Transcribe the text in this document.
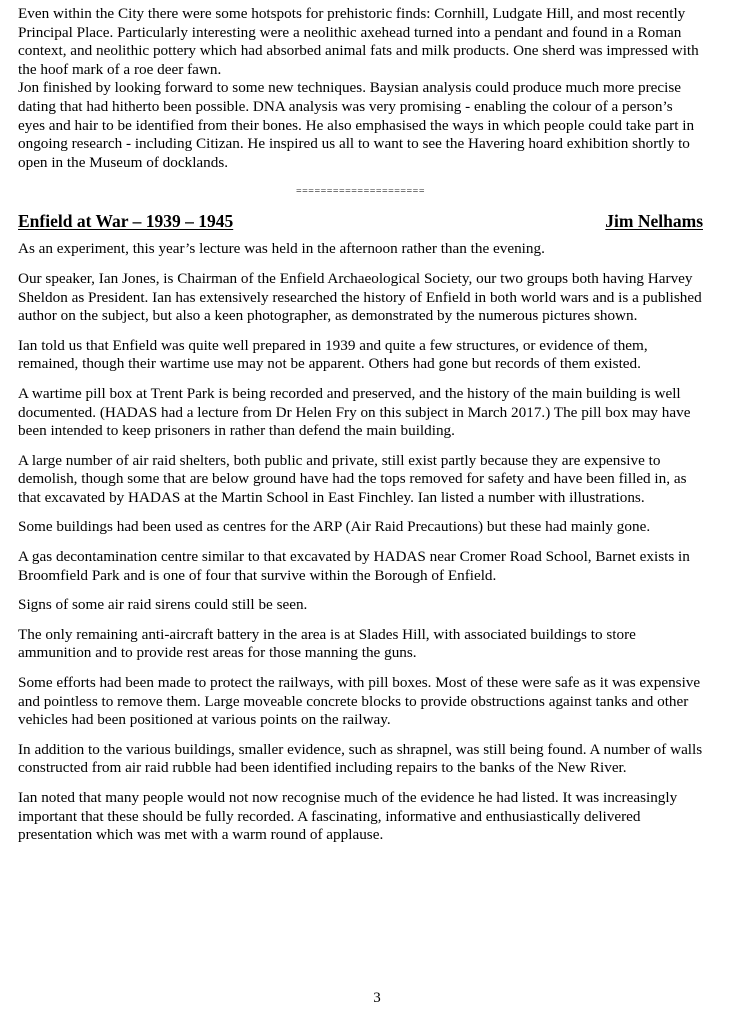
Even within the City there were some hotspots for prehistoric finds: Cornhill, Ludgate Hill, and most recently Principal Place. Particularly interesting were a neolithic axehead turned into a pendant and found in a Roman context, and neolithic pottery which had absorbed animal fats and milk products. One sherd was impressed with the hoof mark of a roe deer fawn.

Jon finished by looking forward to some new techniques. Baysian analysis could produce much more precise dating that had hitherto been possible. DNA analysis was very promising - enabling the colour of a person’s eyes and hair to be identified from their bones. He also emphasised the ways in which people could take part in ongoing research - including Citizan. He inspired us all to want to see the Havering hoard exhibition shortly to open in the Museum of docklands.

=====================
Enfield at War – 1939 – 1945	Jim Nelhams

As an experiment, this year’s lecture was held in the afternoon rather than the evening.

Our speaker, Ian Jones, is Chairman of the Enfield Archaeological Society, our two groups both having Harvey Sheldon as President. Ian has extensively researched the history of Enfield in both world wars and is a published author on the subject, but also a keen photographer, as demonstrated by the numerous pictures shown.

Ian told us that Enfield was quite well prepared in 1939 and quite a few structures, or evidence of them, remained, though their wartime use may not be apparent. Others had gone but records of them existed.

A wartime pill box at Trent Park is being recorded and preserved, and the history of the main building is well documented. (HADAS had a lecture from Dr Helen Fry on this subject in March 2017.) The pill box may have been intended to keep prisoners in rather than defend the main building.

A large number of air raid shelters, both public and private, still exist partly because they are expensive to demolish, though some that are below ground have had the tops removed for safety and have been filled in, as that excavated by HADAS at the Martin School in East Finchley. Ian listed a number with illustrations.

Some buildings had been used as centres for the ARP (Air Raid Precautions) but these had mainly gone.

A gas decontamination centre similar to that excavated by HADAS near Cromer Road School, Barnet exists in Broomfield Park and is one of four that survive within the Borough of Enfield.

Signs of some air raid sirens could still be seen.

The only remaining anti-aircraft battery in the area is at Slades Hill, with associated buildings to store ammunition and to provide rest areas for those manning the guns.

Some efforts had been made to protect the railways, with pill boxes. Most of these were safe as it was expensive and pointless to remove them. Large moveable concrete blocks to provide obstructions against tanks and other vehicles had been positioned at various points on the railway.

In addition to the various buildings, smaller evidence, such as shrapnel, was still being found. A number of walls constructed from air raid rubble had been identified including repairs to the banks of the New River.

Ian noted that many people would not now recognise much of the evidence he had listed. It was increasingly important that these should be fully recorded. A fascinating, informative and enthusiastically delivered presentation which was met with a warm round of applause.

3
